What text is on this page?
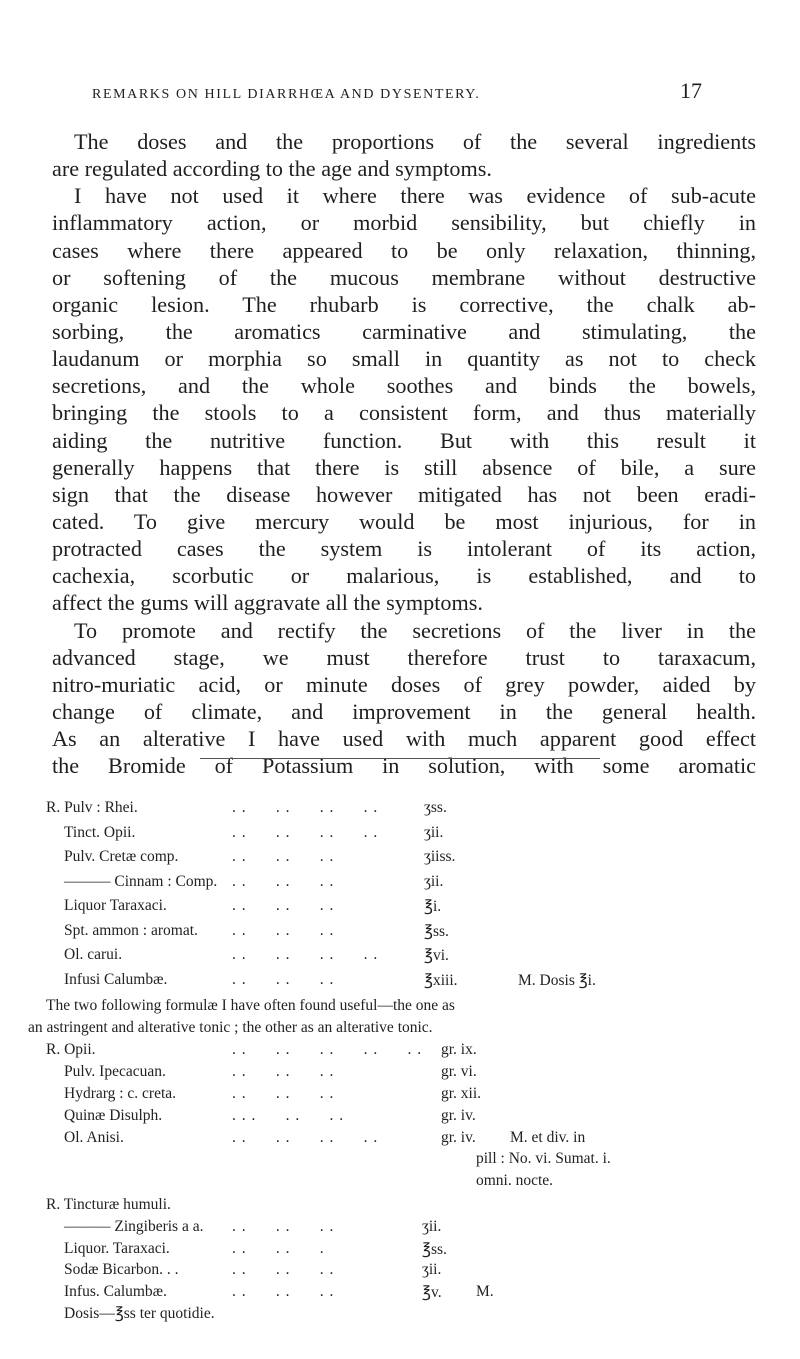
REMARKS ON HILL DIARRHŒA AND DYSENTERY.	17
The doses and the proportions of the several ingredients
are regulated according to the age and symptoms.
I have not used it where there was evidence of sub-acute
inflammatory action, or morbid sensibility, but chiefly in
cases where there appeared to be only relaxation, thinning,
or softening of the mucous membrane without destructive
organic lesion. The rhubarb is corrective, the chalk ab-
sorbing, the aromatics carminative and stimulating, the
laudanum or morphia so small in quantity as not to check
secretions, and the whole soothes and binds the bowels,
bringing the stools to a consistent form, and thus materially
aiding the nutritive function. But with this result it
generally happens that there is still absence of bile, a sure
sign that the disease however mitigated has not been eradi-
cated. To give mercury would be most injurious, for in
protracted cases the system is intolerant of its action,
cachexia, scorbutic or malarious, is established, and to
affect the gums will aggravate all the symptoms.
To promote and rectify the secretions of the liver in the
advanced stage, we must therefore trust to taraxacum,
nitro-muriatic acid, or minute doses of grey powder, aided by
change of climate, and improvement in the general health.
As an alterative I have used with much apparent good effect
the Bromide of Potassium in solution, with some aromatic
R. Pulv : Rhei.	. .      . .      . .      . .	ʒss.
Tinct. Opii.	. .      . .      . .      . .	ʒii.
Pulv. Cretæ comp.	. .      . .      . .	ʒiiss.
——— Cinnam : Comp. . .      . .      . .	ʒii.
Liquor Taraxaci.	. .      . .      . .	℥i.
Spt. ammon : aromat. . .      . .      . .	℥ss.
Ol. carui.	. .      . .      . .      . .	℥vi.
Infusi Calumbæ.	. .      . .      . .	℥xiii.	M. Dosis ℥i.
The two following formulæ I have often found useful—the one as
an astringent and alterative tonic ; the other as an alterative tonic.
R. Opii.	. .      . .      . .      . .      . . gr. ix.
Pulv. Ipecacuan.	. .      . .      . .	gr. vi.
Hydrarg : c. creta.	. .      . .      . .	gr. xii.
Quinæ Disulph.	. . .      . .      . .	gr. iv.
Ol. Anisi.	. .      . .      . .      . .	gr. iv. M. et div. in
pill : No. vi. Sumat. i.
omni. nocte.
R. Tincturæ humuli.
——— Zingiberis a a. . .      . .      . .	ʒii.
Liquor. Taraxaci.	. .      . .      .	℥ss.
Sodæ Bicarbon. . .	. .      . .      . .	ʒii.
Infus. Calumbæ.	. .      . .      . .	℥v. M.
Dosis—℥ss ter quotidie.
